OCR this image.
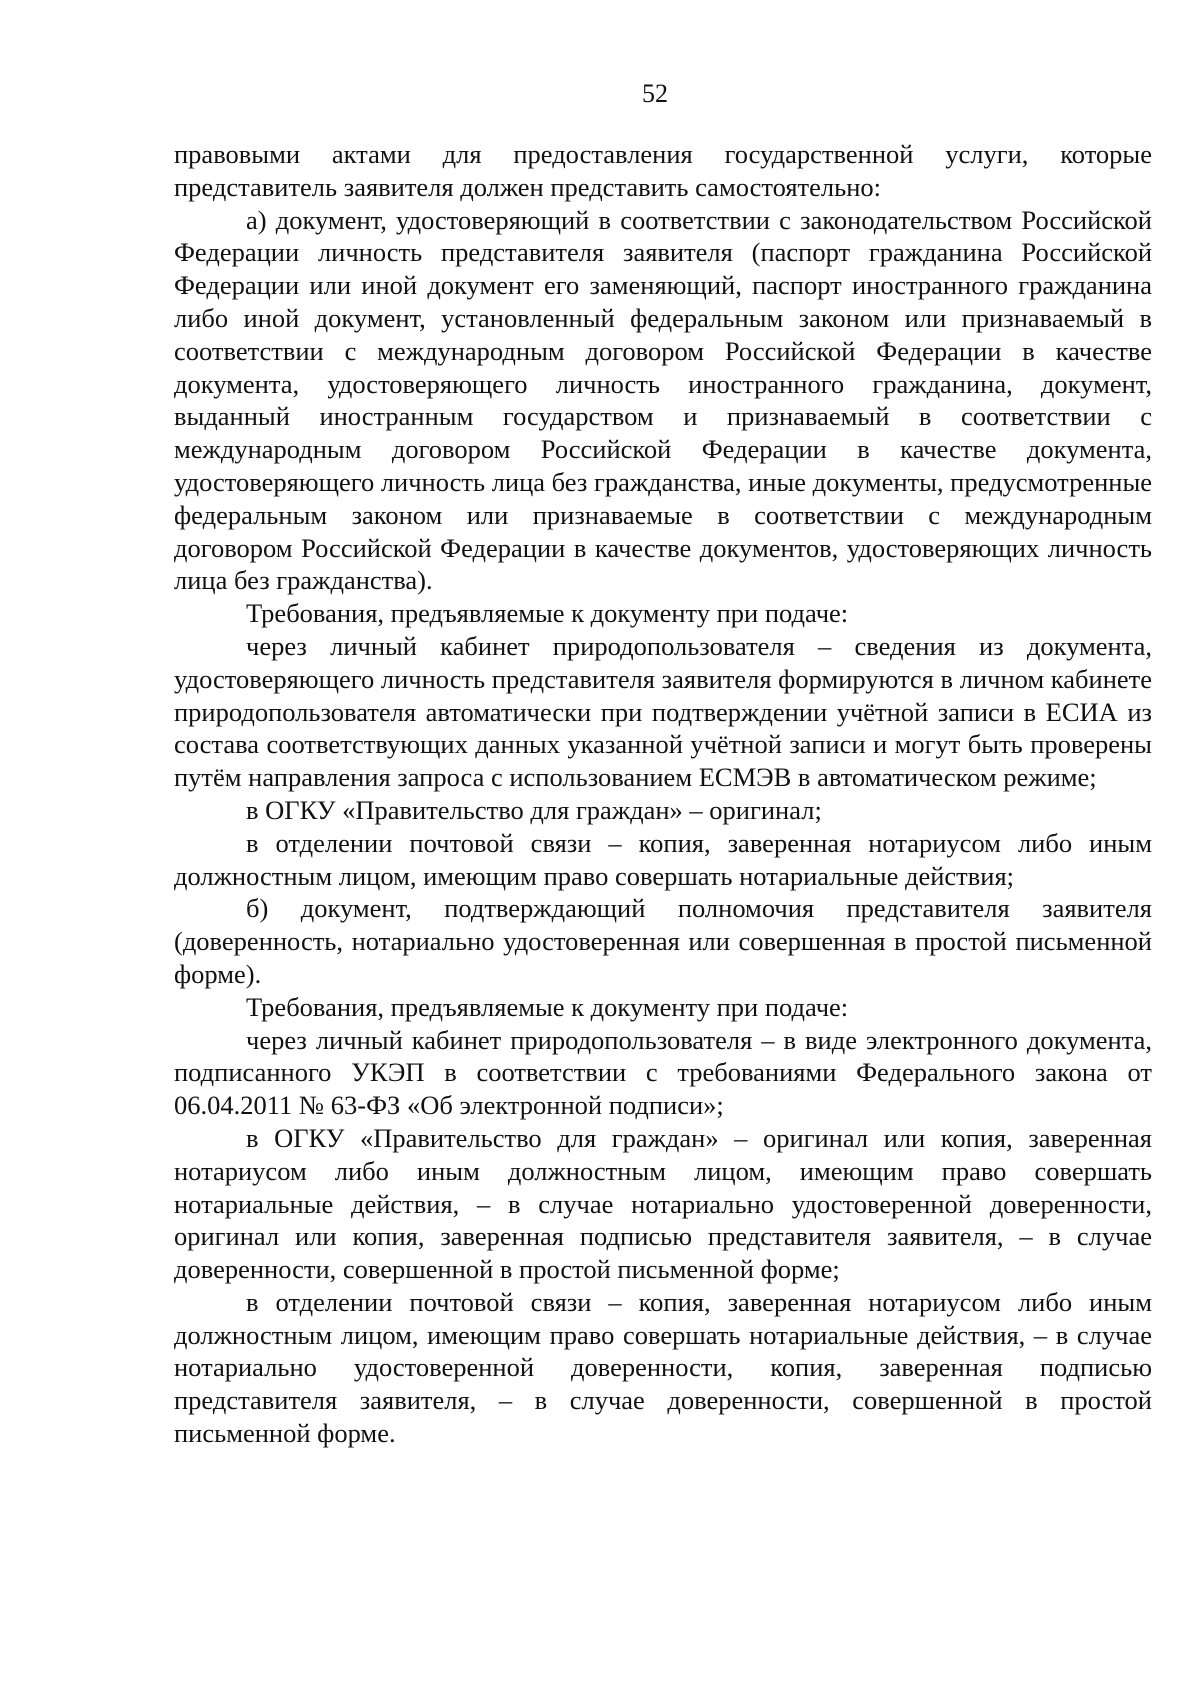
52

правовыми актами для предоставления государственной услуги, которые представитель заявителя должен представить самостоятельно:

а) документ, удостоверяющий в соответствии с законодательством Российской Федерации личность представителя заявителя (паспорт гражданина Российской Федерации или иной документ его заменяющий, паспорт иностранного гражданина либо иной документ, установленный федеральным законом или признаваемый в соответствии с международным договором Российской Федерации в качестве документа, удостоверяющего личность иностранного гражданина, документ, выданный иностранным государством и признаваемый в соответствии с международным договором Российской Федерации в качестве документа, удостоверяющего личность лица без гражданства, иные документы, предусмотренные федеральным законом или признаваемые в соответствии с международным договором Российской Федерации в качестве документов, удостоверяющих личность лица без гражданства).

Требования, предъявляемые к документу при подаче:

через личный кабинет природопользователя – сведения из документа, удостоверяющего личность представителя заявителя формируются в личном кабинете природопользователя автоматически при подтверждении учётной записи в ЕСИА из состава соответствующих данных указанной учётной записи и могут быть проверены путём направления запроса с использованием ЕСМЭВ в автоматическом режиме;

в ОГКУ «Правительство для граждан» – оригинал;

в отделении почтовой связи – копия, заверенная нотариусом либо иным должностным лицом, имеющим право совершать нотариальные действия;

б) документ, подтверждающий полномочия представителя заявителя (доверенность, нотариально удостоверенная или совершенная в простой письменной форме).

Требования, предъявляемые к документу при подаче:

через личный кабинет природопользователя – в виде электронного документа, подписанного УКЭП в соответствии с требованиями Федерального закона от 06.04.2011 № 63-ФЗ «Об электронной подписи»;

в ОГКУ «Правительство для граждан» – оригинал или копия, заверенная нотариусом либо иным должностным лицом, имеющим право совершать нотариальные действия, – в случае нотариально удостоверенной доверенности, оригинал или копия, заверенная подписью представителя заявителя, – в случае доверенности, совершенной в простой письменной форме;

в отделении почтовой связи – копия, заверенная нотариусом либо иным должностным лицом, имеющим право совершать нотариальные действия, – в случае нотариально удостоверенной доверенности, копия, заверенная подписью представителя заявителя, – в случае доверенности, совершенной в простой письменной форме.
